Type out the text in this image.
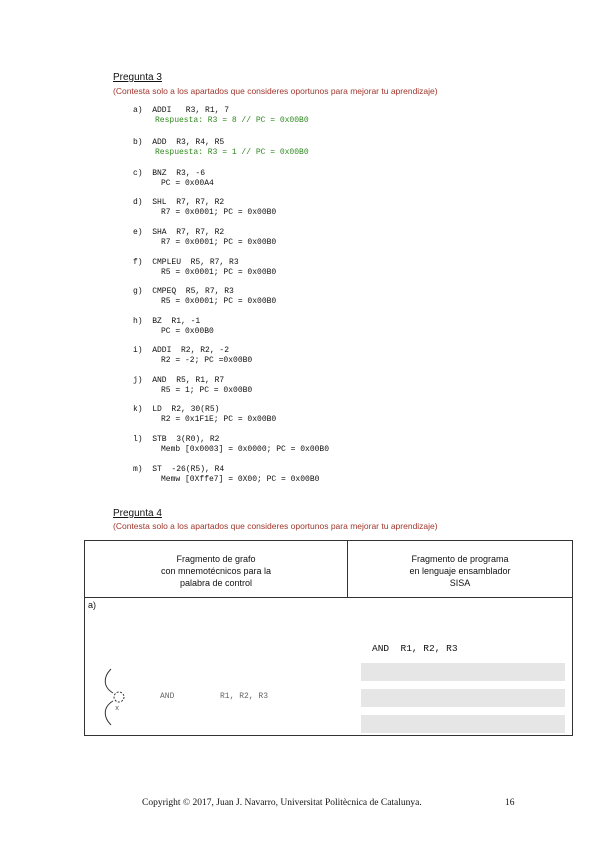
Pregunta 3
(Contesta solo a los apartados que consideres oportunos para mejorar tu aprendizaje)
a)  ADDI   R3, R1, 7
Respuesta: R3 = 8 // PC = 0x00B0
b)  ADD  R3, R4, R5
Respuesta: R3 = 1 // PC = 0x00B0
c)  BNZ  R3, -6
PC = 0x00A4
d)  SHL  R7, R7, R2
R7 = 0x0001; PC = 0x00B0
e)  SHA  R7, R7, R2
R7 = 0x0001; PC = 0x00B0
f)  CMPLEU  R5, R7, R3
R5 = 0x0001; PC = 0x00B0
g)  CMPEQ  R5, R7, R3
R5 = 0x0001; PC = 0x00B0
h)  BZ  R1, -1
PC = 0x00B0
i)  ADDI  R2, R2, -2
R2 = -2; PC =0x00B0
j)  AND  R5, R1, R7
R5 = 1; PC = 0x00B0
k)  LD  R2, 30(R5)
R2 = 0x1F1E; PC = 0x00B0
l)  STB  3(R0), R2
Memb [0x0003] = 0x0000; PC = 0x00B0
m)  ST  -26(R5), R4
Memw [0Xffe7] = 0X00; PC = 0x00B0
Pregunta 4
(Contesta solo a los apartados que consideres oportunos para mejorar tu aprendizaje)
Fragmento de grafo
con mnemotécnicos para la
palabra de control
Fragmento de programa
en lenguaje ensamblador
SISA
a)
AND  R1, R2, R3
x
AND	R1, R2, R3
Copyright © 2017, Juan J. Navarro, Universitat Politècnica de Catalunya.	16
